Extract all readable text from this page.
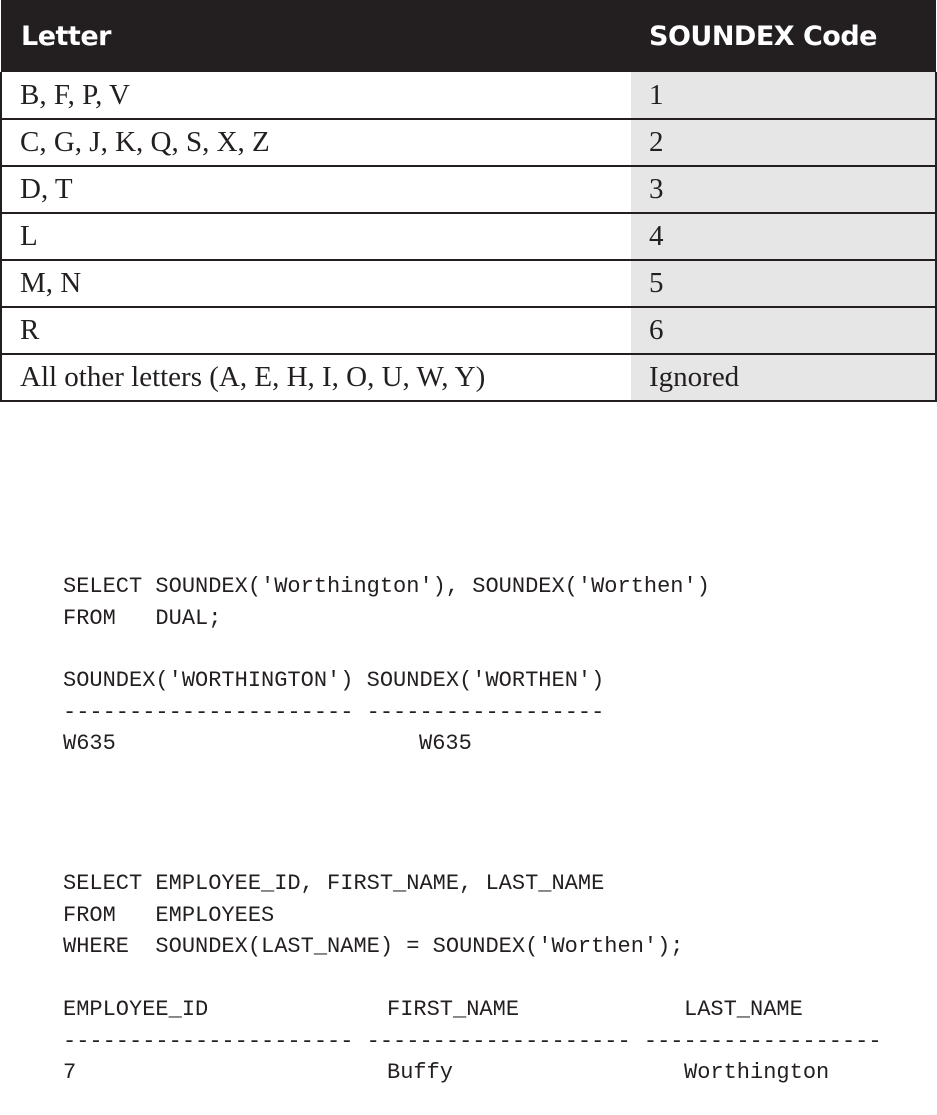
Letter	SOUNDEX Code
B, F, P, V	1
C, G, J, K, Q, S, X, Z	2
D, T	3
L	4
M, N	5
R	6
All other letters (A, E, H, I, O, U, W, Y)	Ignored
SELECT SOUNDEX('Worthington'), SOUNDEX('Worthen')
FROM   DUAL;
SOUNDEX('WORTHINGTON') SOUNDEX('WORTHEN')
---------------------- ------------------
W635	W635
SELECT EMPLOYEE_ID, FIRST_NAME, LAST_NAME
FROM   EMPLOYEES
WHERE  SOUNDEX(LAST_NAME) = SOUNDEX('Worthen');
EMPLOYEE_ID	FIRST_NAME	LAST_NAME
---------------------- -------------------- ------------------
7	Buffy	Worthington
